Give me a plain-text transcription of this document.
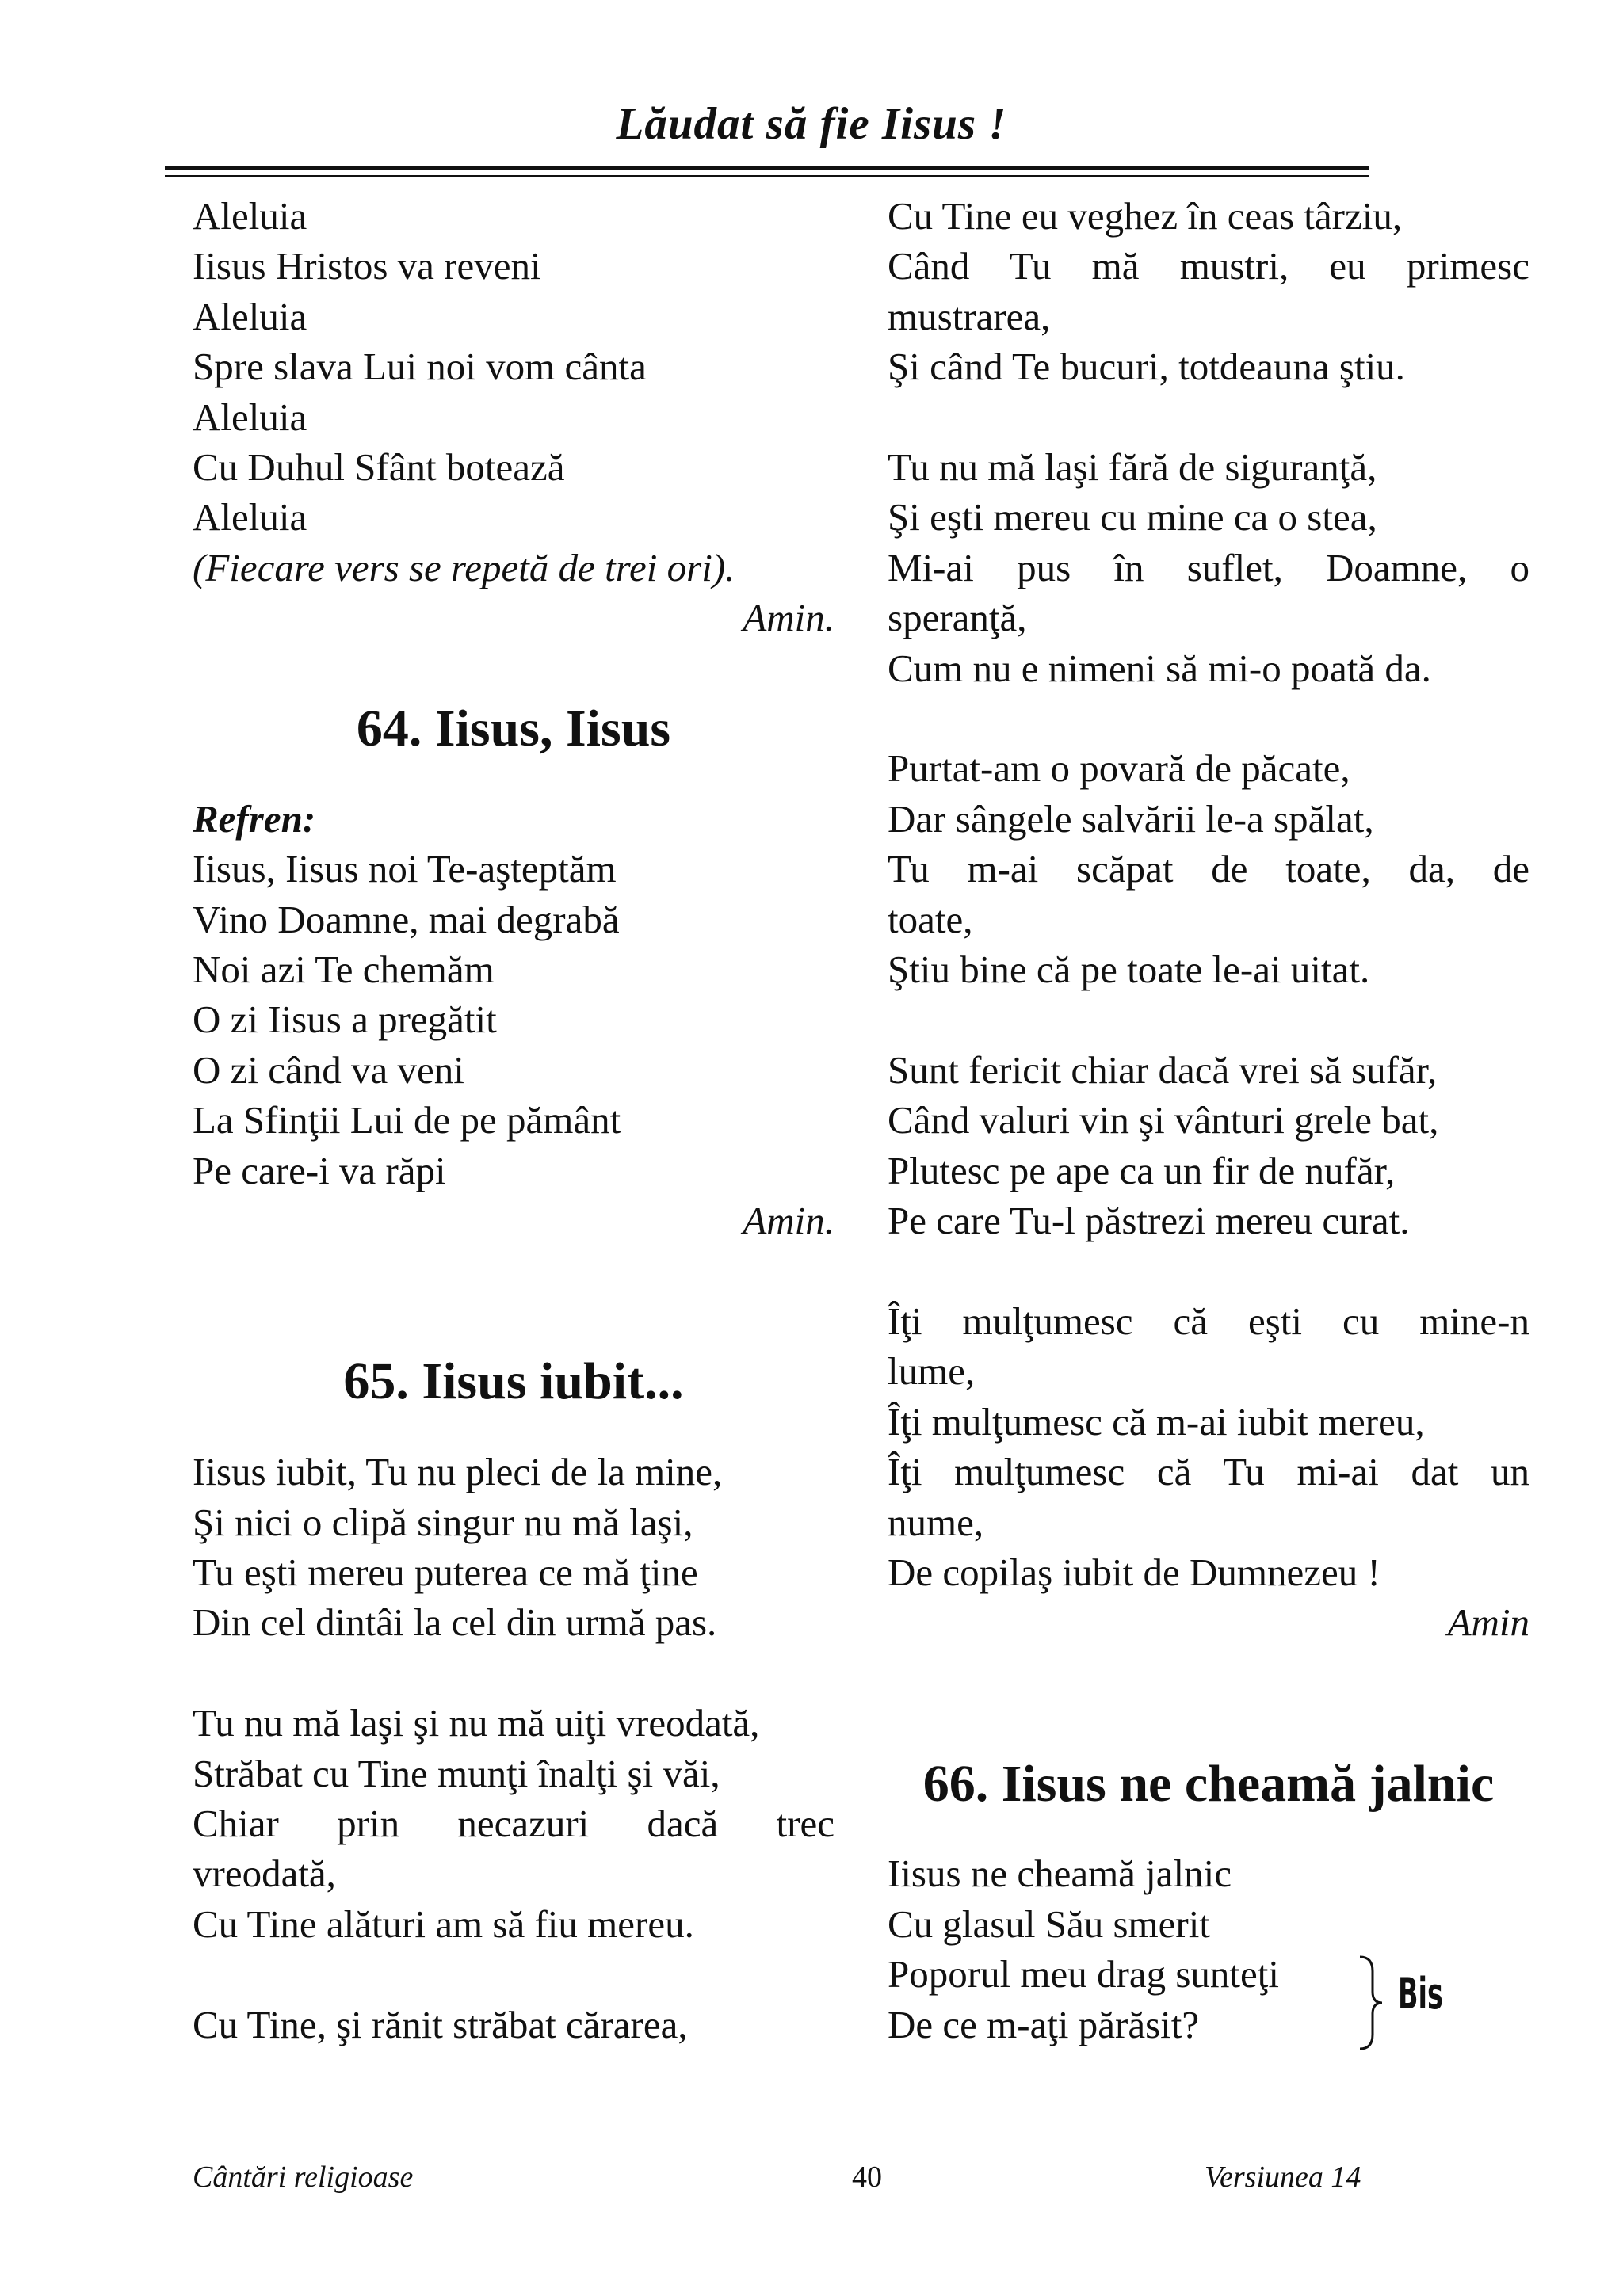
Lăudat să fie Iisus !
Aleluia
Iisus Hristos va reveni
Aleluia
Spre slava Lui noi vom cânta
Aleluia
Cu Duhul Sfânt botează
Aleluia
(Fiecare vers se repetă de trei ori).
Amin.
64. Iisus, Iisus
Refren:
Iisus, Iisus noi Te-aşteptăm
Vino Doamne, mai degrabă
Noi azi Te chemăm
O zi Iisus a pregătit
O zi când va veni
La Sfinţii Lui de pe pământ
Pe care-i va răpi
Amin.
65. Iisus iubit...
Iisus iubit, Tu nu pleci de la mine,
Şi nici o clipă singur nu mă laşi,
Tu eşti mereu puterea ce mă ţine
Din cel dintâi la cel din urmă pas.
Tu nu mă laşi şi nu mă uiţi vreodată,
Străbat cu Tine munţi înalţi şi văi,
Chiar prin necazuri dacă trec
vreodată,
Cu Tine alături am să fiu mereu.
Cu Tine, şi rănit străbat cărarea,
Cu Tine eu veghez în ceas târziu,
Când Tu mă mustri, eu primesc
mustrarea,
Şi când Te bucuri, totdeauna ştiu.
Tu nu mă laşi fără de siguranţă,
Şi eşti mereu cu mine ca o stea,
Mi-ai pus în suflet, Doamne, o
speranţă,
Cum nu e nimeni să mi-o poată da.
Purtat-am o povară de păcate,
Dar sângele salvării le-a spălat,
Tu m-ai scăpat de toate, da, de
toate,
Ştiu bine că pe toate le-ai uitat.
Sunt fericit chiar dacă vrei să sufăr,
Când valuri vin şi vânturi grele bat,
Plutesc pe ape ca un fir de nufăr,
Pe care Tu-l păstrezi mereu curat.
Îţi mulţumesc că eşti cu mine-n
lume,
Îţi mulţumesc că m-ai iubit mereu,
Îţi mulţumesc că Tu mi-ai dat un
nume,
De copilaş iubit de Dumnezeu !
Amin
66. Iisus ne cheamă jalnic
Iisus ne cheamă jalnic
Cu glasul Său smerit
Poporul meu drag sunteţi
De ce m-aţi părăsit?
Bis
Cântări religioase	40	Versiunea 14
